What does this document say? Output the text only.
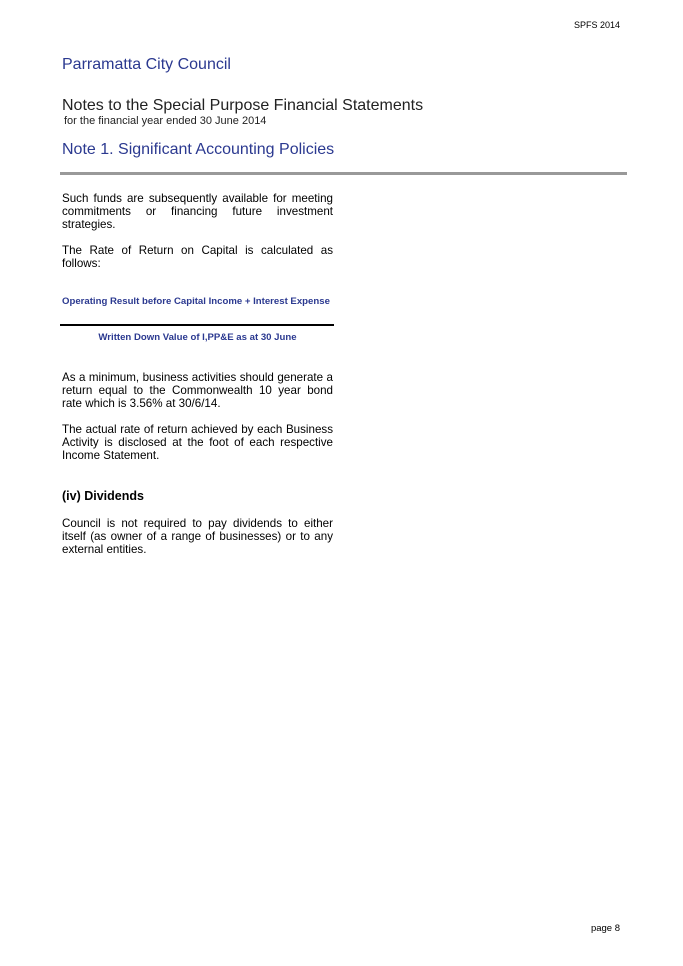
SPFS 2014
Parramatta City Council
Notes to the Special Purpose Financial Statements
for the financial year ended 30 June 2014
Note 1. Significant Accounting Policies
Such funds are subsequently available for meeting commitments or financing future investment strategies.
The Rate of Return on Capital is calculated as follows:
Operating Result before Capital Income + Interest Expense
Written Down Value of I,PP&E as at 30 June
As a minimum, business activities should generate a return equal to the Commonwealth 10 year bond rate which is 3.56% at 30/6/14.
The actual rate of return achieved by each Business Activity is disclosed at the foot of each respective Income Statement.
(iv) Dividends
Council is not required to pay dividends to either itself (as owner of a range of businesses) or to any external entities.
page 8
